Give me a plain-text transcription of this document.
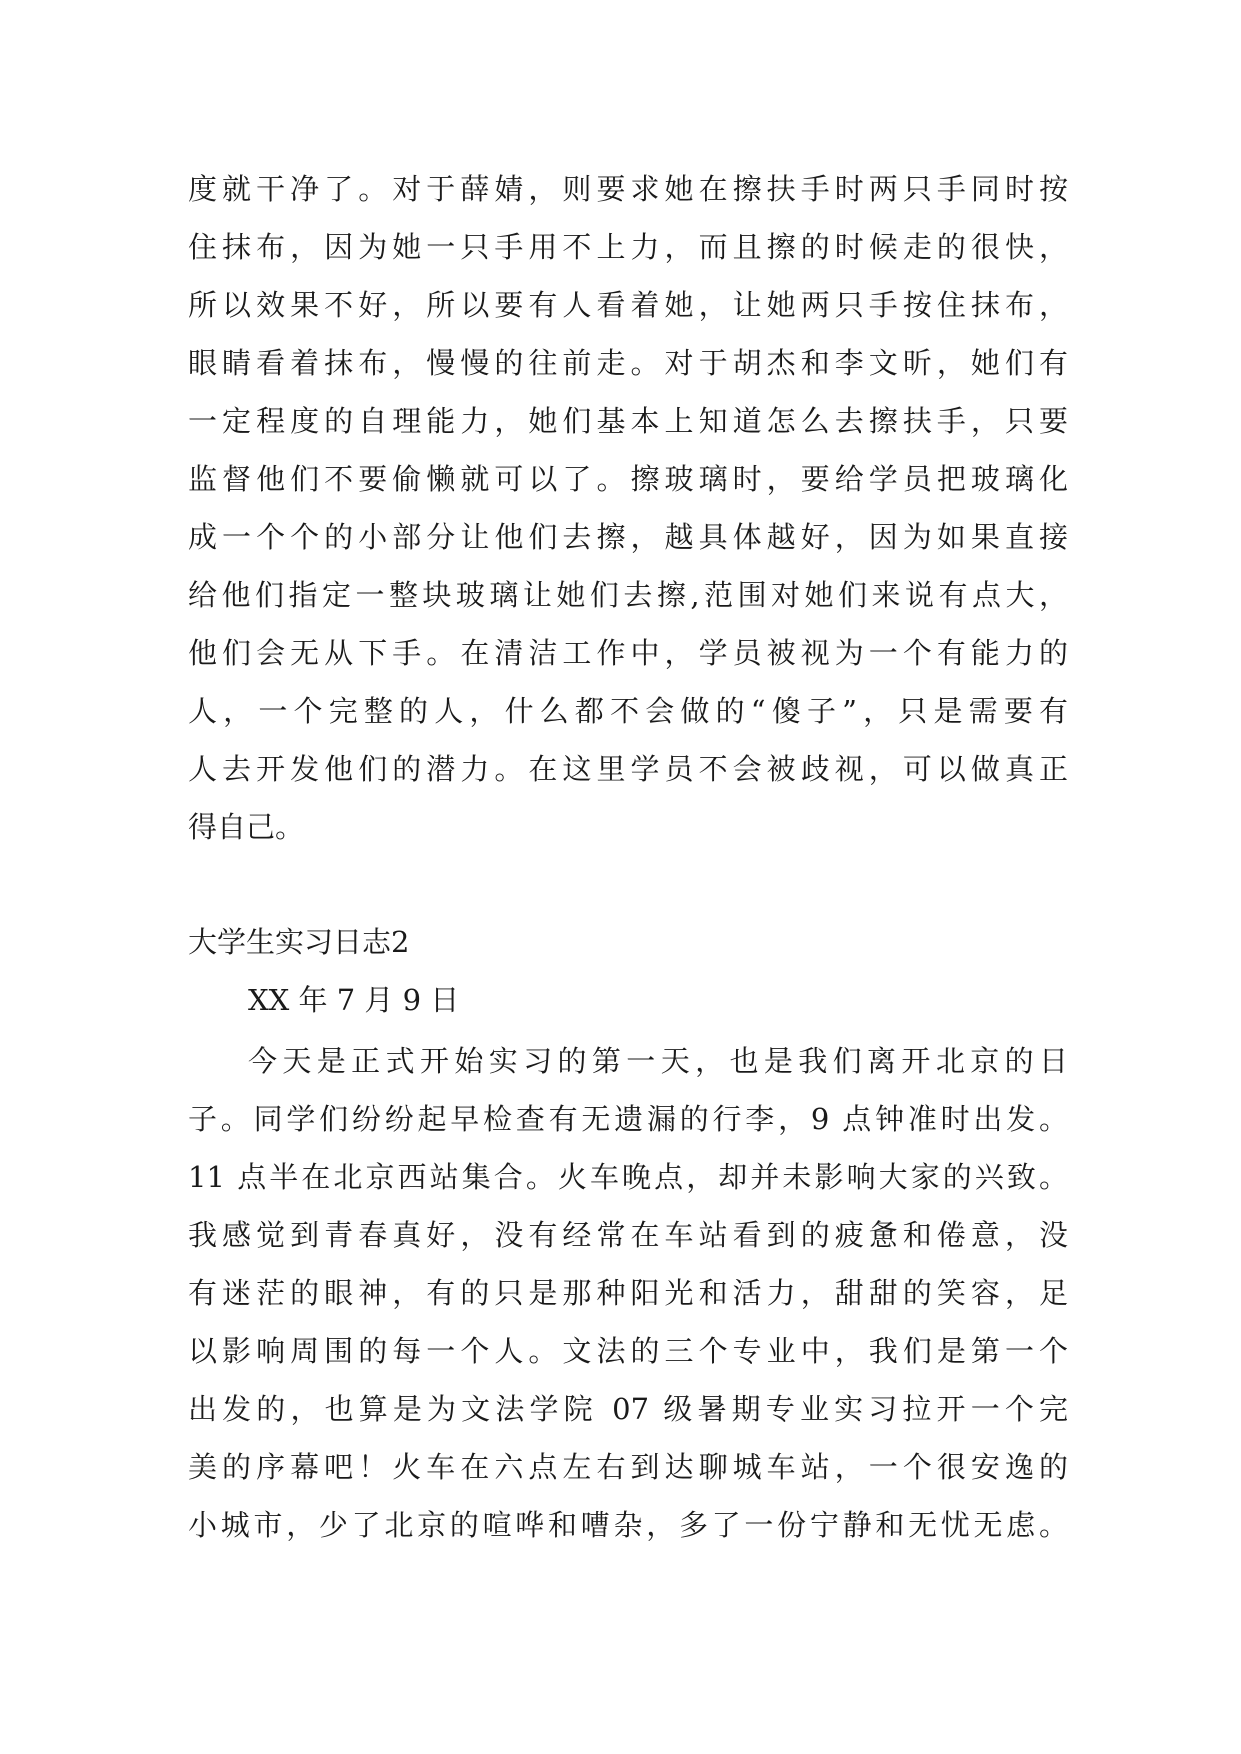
度就干净了。对于薛婧，则要求她在擦扶手时两只手同时按
住抹布，因为她一只手用不上力，而且擦的时候走的很快，
所以效果不好，所以要有人看着她，让她两只手按住抹布，
眼睛看着抹布，慢慢的往前走。对于胡杰和李文昕，她们有
一定程度的自理能力，她们基本上知道怎么去擦扶手，只要
监督他们不要偷懒就可以了。擦玻璃时，要给学员把玻璃化
成一个个的小部分让他们去擦，越具体越好，因为如果直接
给他们指定一整块玻璃让她们去擦,范围对她们来说有点大，
他们会无从下手。在清洁工作中，学员被视为一个有能力的
人，一个完整的人，什么都不会做的“傻子”，只是需要有
人去开发他们的潜力。在这里学员不会被歧视，可以做真正
得自己。
大学生实习日志2
XX 年 7 月 9 日
今天是正式开始实习的第一天，也是我们离开北京的日
子。同学们纷纷起早检查有无遗漏的行李，9 点钟准时出发。
11 点半在北京西站集合。火车晚点，却并未影响大家的兴致。
我感觉到青春真好，没有经常在车站看到的疲惫和倦意，没
有迷茫的眼神，有的只是那种阳光和活力，甜甜的笑容，足
以影响周围的每一个人。文法的三个专业中，我们是第一个
出发的，也算是为文法学院 07 级暑期专业实习拉开一个完
美的序幕吧！火车在六点左右到达聊城车站，一个很安逸的
小城市，少了北京的喧哗和嘈杂，多了一份宁静和无忧无虑。
